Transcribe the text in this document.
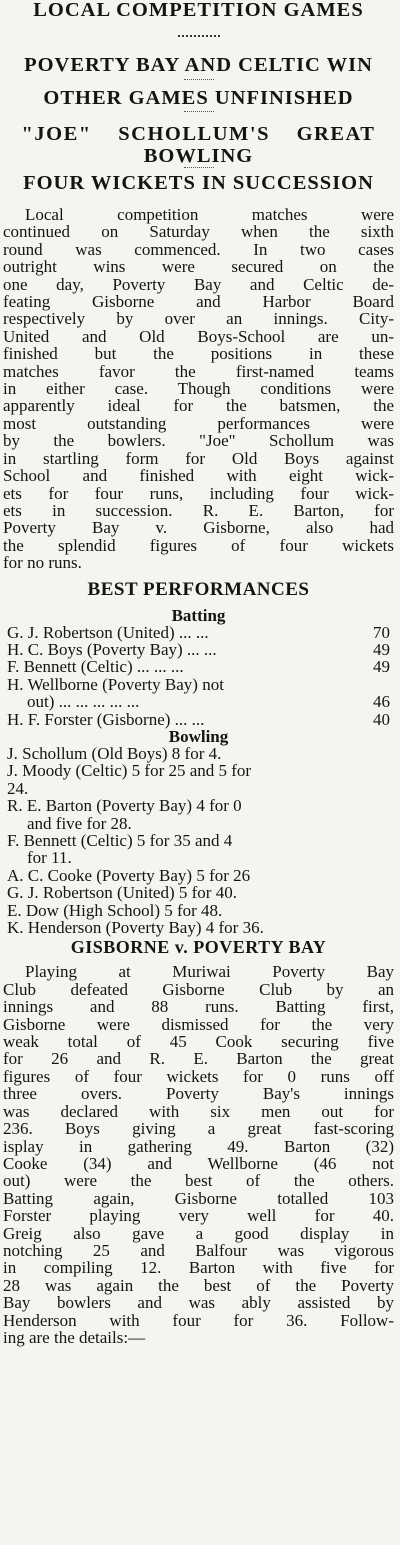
LOCAL COMPETITION GAMES
POVERTY BAY AND CELTIC WIN
OTHER GAMES UNFINISHED
"JOE" SCHOLLUM'S GREAT
BOWLING
FOUR WICKETS IN SUCCESSION
Local competition matches were
continued on Saturday when the sixth
round was commenced. In two cases
outright wins were secured on the
one day, Poverty Bay and Celtic de-
feating Gisborne and Harbor Board
respectively by over an innings. City-
United and Old Boys-School are un-
finished but the positions in these
matches favor the first-named teams
in either case. Though conditions were
apparently ideal for the batsmen, the
most outstanding performances were
by the bowlers. "Joe" Schollum was
in startling form for Old Boys against
School and finished with eight wick-
ets for four runs, including four wick-
ets in succession. R. E. Barton, for
Poverty Bay v. Gisborne, also had
the splendid figures of four wickets
for no runs.
BEST PERFORMANCES
Batting
G. J. Robertson (United) ... ...	70
H. C. Boys (Poverty Bay) ... ...	49
F. Bennett (Celtic) ... ... ...	49
H. Wellborne (Poverty Bay) not
out) ... ... ... ... ...	46
H. F. Forster (Gisborne) ... ...	40
Bowling
J. Schollum (Old Boys) 8 for 4.
J. Moody (Celtic) 5 for 25 and 5 for
24.
R. E. Barton (Poverty Bay) 4 for 0
and five for 28.
F. Bennett (Celtic) 5 for 35 and 4
for 11.
A. C. Cooke (Poverty Bay) 5 for 26
G. J. Robertson (United) 5 for 40.
E. Dow (High School) 5 for 48.
K. Henderson (Poverty Bay) 4 for 36.
GISBORNE v. POVERTY BAY
Playing at Muriwai Poverty Bay
Club defeated Gisborne Club by an
innings and 88 runs. Batting first,
Gisborne were dismissed for the very
weak total of 45 Cook securing five
for 26 and R. E. Barton the great
figures of four wickets for 0 runs off
three overs. Poverty Bay's innings
was declared with six men out for
236. Boys giving a great fast-scoring
isplay in gathering 49. Barton (32)
Cooke (34) and Wellborne (46 not
out) were the best of the others.
Batting again, Gisborne totalled 103
Forster playing very well for 40.
Greig also gave a good display in
notching 25 and Balfour was vigorous
in compiling 12. Barton with five for
28 was again the best of the Poverty
Bay bowlers and was ably assisted by
Henderson with four for 36. Follow-
ing are the details:—
